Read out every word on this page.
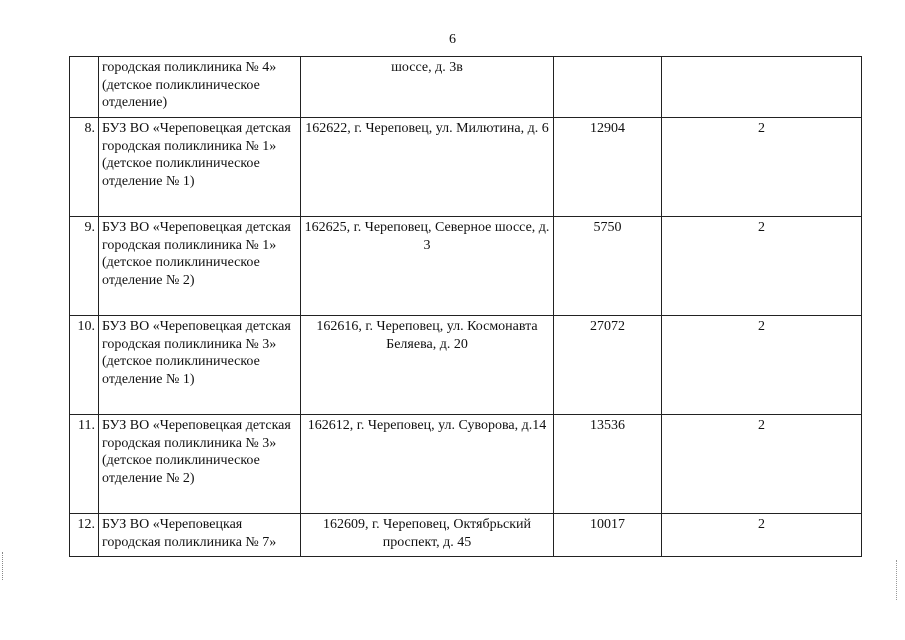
6
	городская поликлиника № 4» (детское поликлиническое отделение)	шоссе, д. 3в		
8.	БУЗ ВО «Череповецкая детская городская поликлиника № 1» (детское поликлиническое отделение № 1)	162622, г. Череповец, ул. Милютина, д. 6	12904	2
9.	БУЗ ВО «Череповецкая детская городская поликлиника № 1» (детское поликлиническое отделение № 2)	162625, г. Череповец, Северное шоссе, д. 3	5750	2
10.	БУЗ ВО «Череповецкая детская городская поликлиника № 3» (детское поликлиническое отделение № 1)	162616, г. Череповец, ул. Космонавта Беляева, д. 20	27072	2
11.	БУЗ ВО «Череповецкая детская городская поликлиника № 3» (детское поликлиническое отделение № 2)	162612, г. Череповец, ул. Суворова, д.14	13536	2
12.	БУЗ ВО «Череповецкая городская поликлиника № 7»	162609, г. Череповец, Октябрьский проспект, д. 45	10017	2
